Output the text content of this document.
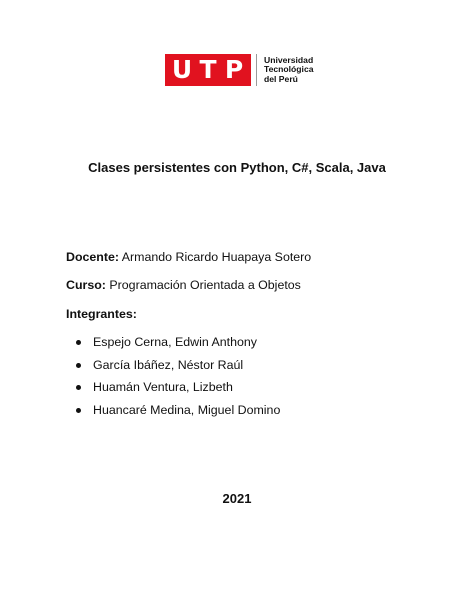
U T P	Universidad
Tecnológica
del Perú
Clases persistentes con Python, C#, Scala, Java
Docente: Armando Ricardo Huapaya Sotero
Curso: Programación Orientada a Objetos
Integrantes:
Espejo Cerna, Edwin Anthony
García Ibáñez, Néstor Raúl
Huamán Ventura, Lizbeth
Huancaré Medina, Miguel Domino
2021
